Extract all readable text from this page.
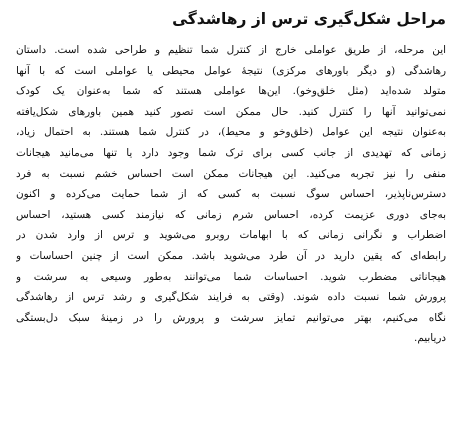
مراحل شکل‌گیری ترس از رهاشدگی
این مرحله، از طریق عواملی خارج از کنترل شما تنظیم و طراحی شده است. داستان
رهاشدگی (و دیگر باورهای مرکزی) نتیجهٔ عوامل محیطی یا عواملی است که با آنها
متولد شده‌اید (مثل خلق‌وخو). این‌ها عواملی هستند که شما به‌عنوان یک کودک
نمی‌توانید آنها را کنترل کنید. حال ممکن است تصور کنید همین باورهای شکل‌یافته
به‌عنوان نتیجه این عوامل (خلق‌وخو و محیط)، در کنترل شما هستند. به احتمال زیاد،
زمانی که تهدیدی از جانب کسی برای ترک شما وجود دارد یا تنها می‌مانید هیجانات
منفی را نیز تجربه می‌کنید. این هیجانات ممکن است احساس خشم نسبت به فرد
دسترس‌ناپذیر، احساس سوگ نسبت به کسی که از شما حمایت می‌کرده و اکنون
به‌جای دوری عزیمت کرده، احساس شرم زمانی که نیازمند کسی هستید، احساس
اضطراب و نگرانی زمانی که با ابهامات روبرو می‌شوید و ترس از وارد شدن در
رابطه‌ای که یقین دارید در آن طرد می‌شوید باشد. ممکن است از چنین احساسات و
هیجاناتی مضطرب شوید. احساسات شما می‌توانند به‌طور وسیعی به سرشت و
پرورش شما نسبت داده شوند. (وقتی به فرایند شکل‌گیری و رشد ترس از رهاشدگی
نگاه می‌کنیم، بهتر می‌توانیم تمایز سرشت و پرورش را در زمینهٔ سبک دل‌بستگی
دریابیم.
